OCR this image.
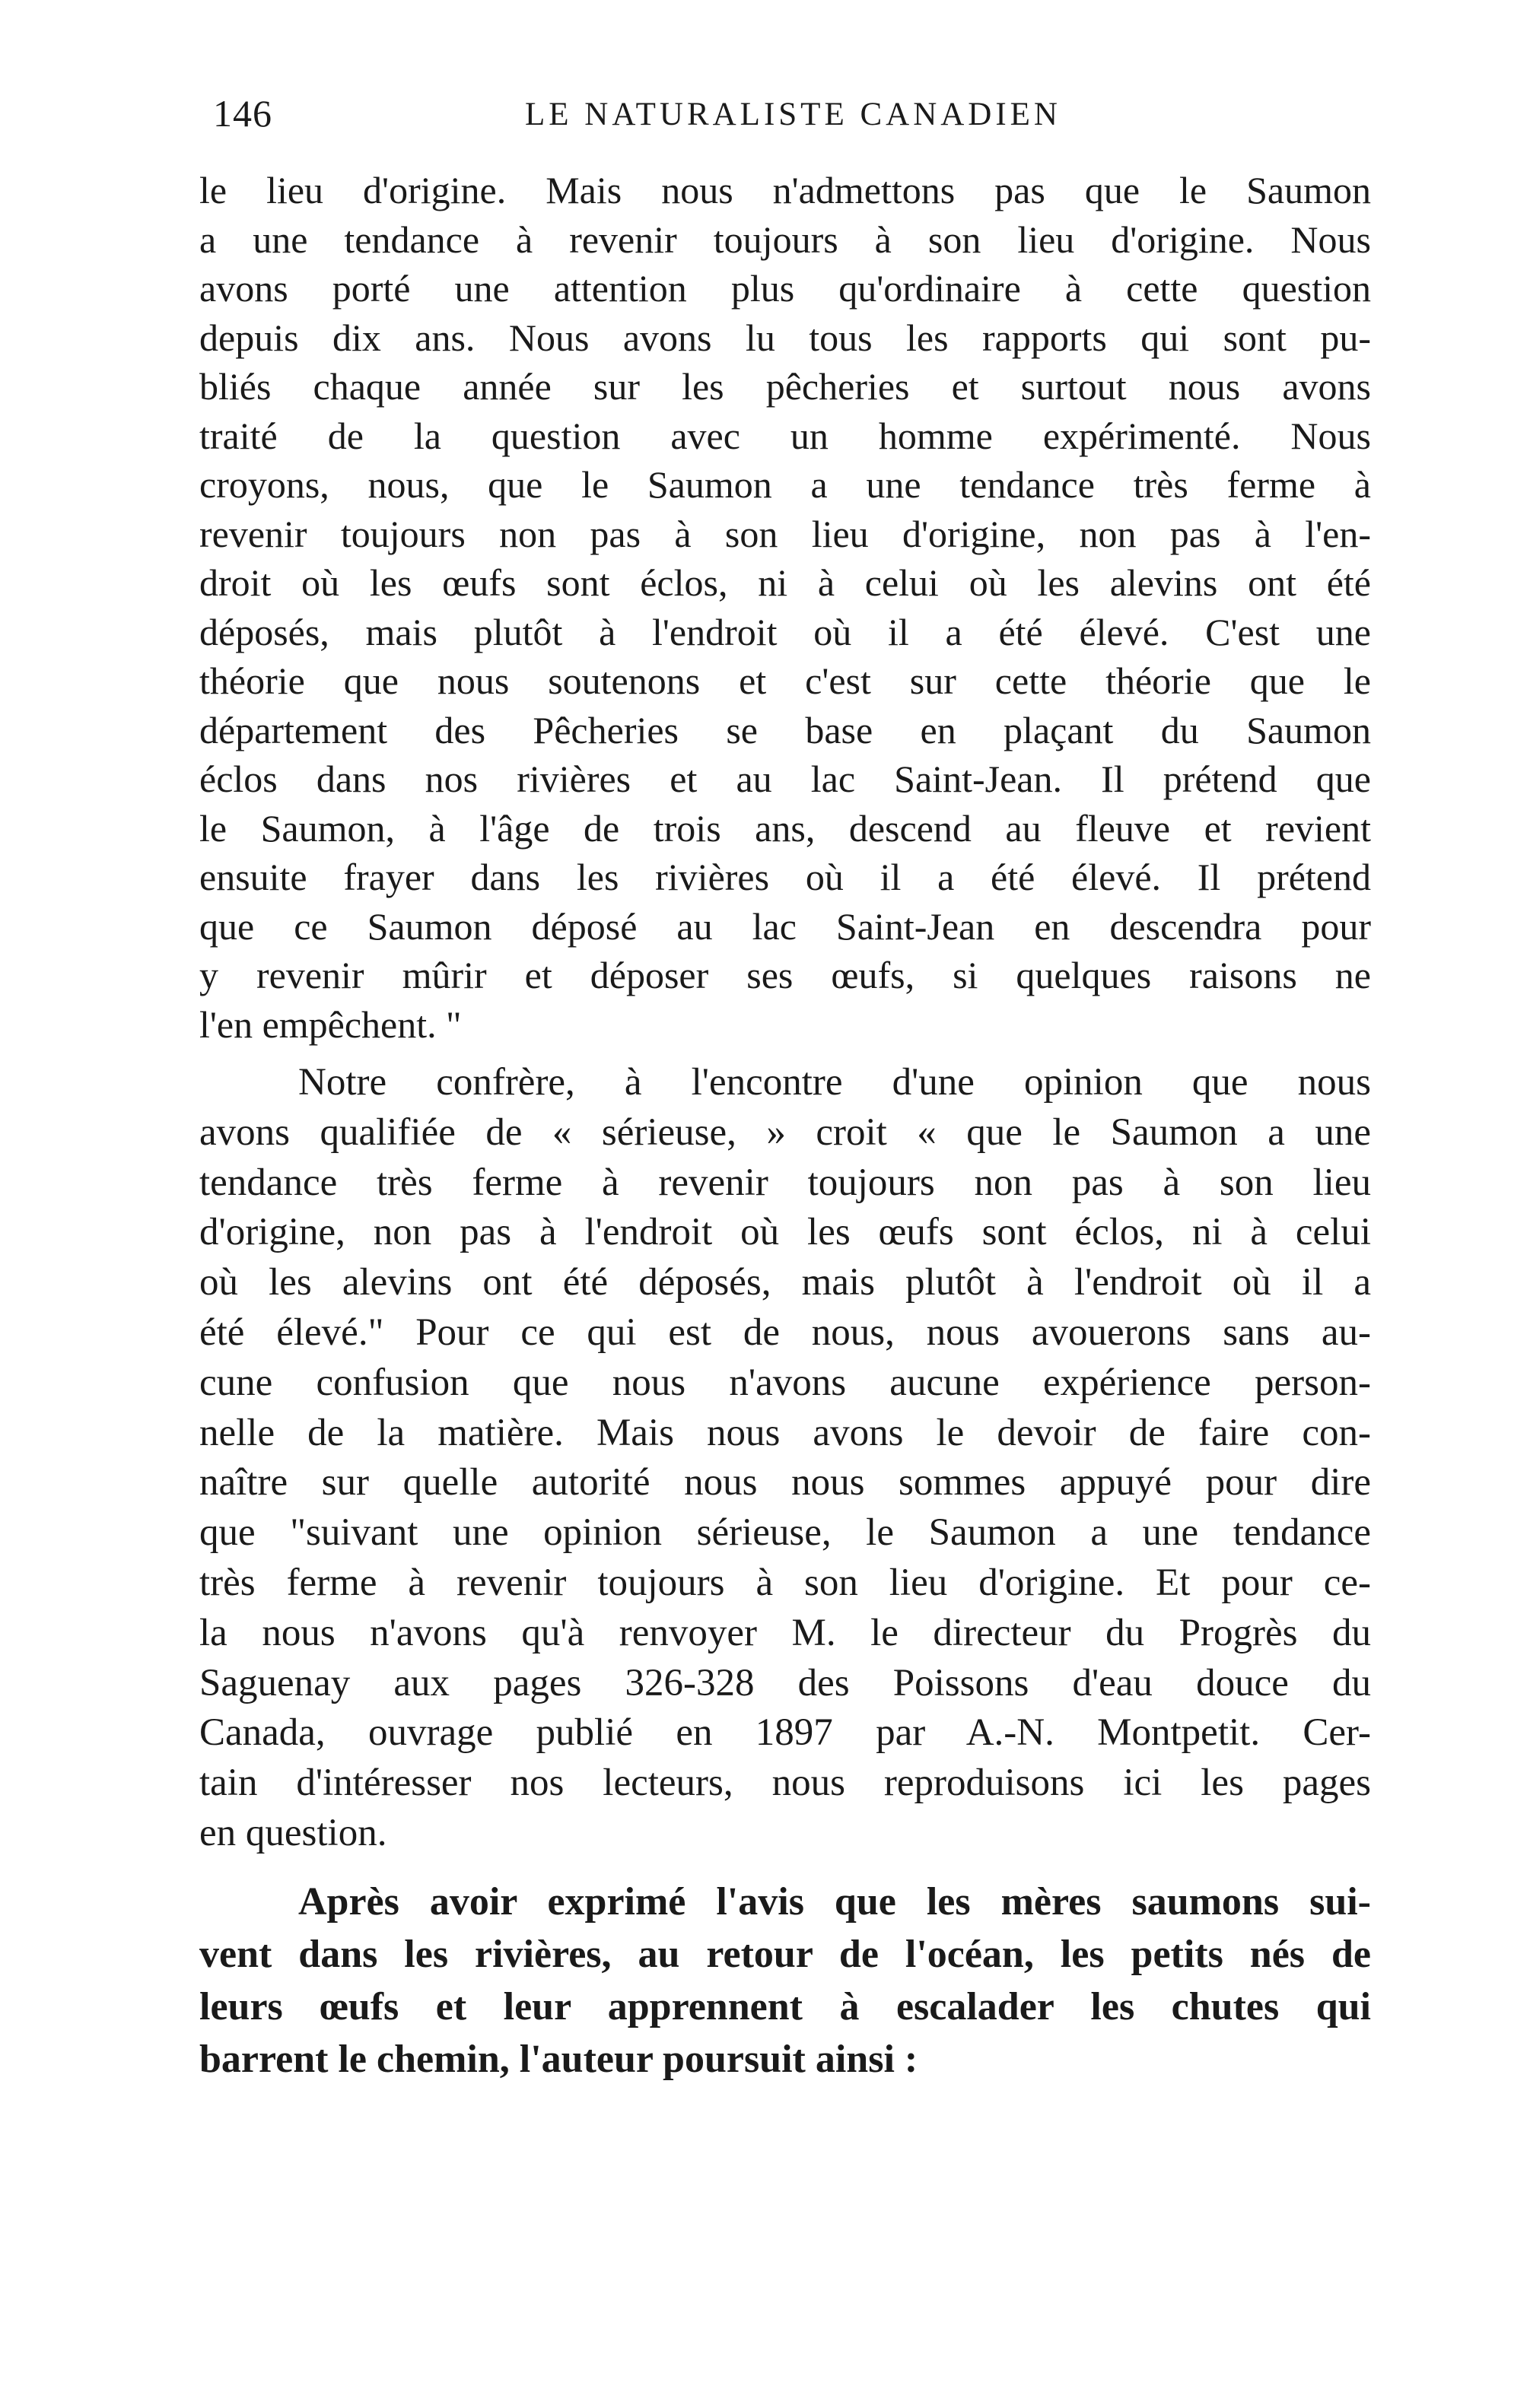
146	LE NATURALISTE CANADIEN
le lieu d'origine. Mais nous n'admettons pas que le Saumon
a une tendance à revenir toujours à son lieu d'origine. Nous
avons porté une attention plus qu'ordinaire à cette question
depuis dix ans. Nous avons lu tous les rapports qui sont pu-
bliés chaque année sur les pêcheries et surtout nous avons
traité de la question avec un homme expérimenté. Nous
croyons, nous, que le Saumon a une tendance très ferme à
revenir toujours non pas à son lieu d'origine, non pas à l'en-
droit où les œufs sont éclos, ni à celui où les alevins ont été
déposés, mais plutôt à l'endroit où il a été élevé. C'est une
théorie que nous soutenons et c'est sur cette théorie que le
département des Pêcheries se base en plaçant du Saumon
éclos dans nos rivières et au lac Saint-Jean. Il prétend que
le Saumon, à l'âge de trois ans, descend au fleuve et revient
ensuite frayer dans les rivières où il a été élevé. Il prétend
que ce Saumon déposé au lac Saint-Jean en descendra pour
y revenir mûrir et déposer ses œufs, si quelques raisons ne
l'en empêchent. "
Notre confrère, à l'encontre d'une opinion que nous
avons qualifiée de « sérieuse, » croit « que le Saumon a une
tendance très ferme à revenir toujours non pas à son lieu
d'origine, non pas à l'endroit où les œufs sont éclos, ni à celui
où les alevins ont été déposés, mais plutôt à l'endroit où il a
été élevé." Pour ce qui est de nous, nous avouerons sans au-
cune confusion que nous n'avons aucune expérience person-
nelle de la matière. Mais nous avons le devoir de faire con-
naître sur quelle autorité nous nous sommes appuyé pour dire
que "suivant une opinion sérieuse, le Saumon a une tendance
très ferme à revenir toujours à son lieu d'origine. Et pour ce-
la nous n'avons qu'à renvoyer M. le directeur du Progrès du
Saguenay aux pages 326-328 des Poissons d'eau douce du
Canada, ouvrage publié en 1897 par A.-N. Montpetit. Cer-
tain d'intéresser nos lecteurs, nous reproduisons ici les pages
en question.
Après avoir exprimé l'avis que les mères saumons sui-
vent dans les rivières, au retour de l'océan, les petits nés de
leurs œufs et leur apprennent à escalader les chutes qui
barrent le chemin, l'auteur poursuit ainsi :
